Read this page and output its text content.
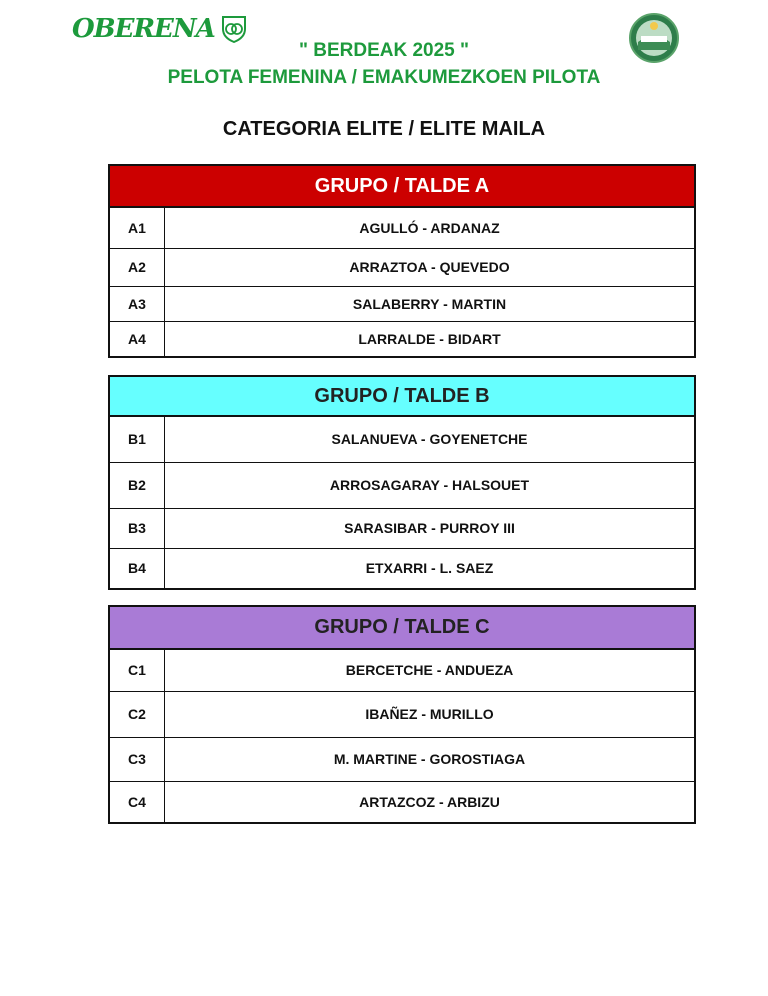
OBERENA
" BERDEAK 2025 "
PELOTA FEMENINA / EMAKUMEZKOEN PILOTA
CATEGORIA ELITE / ELITE MAILA
GRUPO / TALDE A	
A1	AGULLÓ - ARDANAZ
A2	ARRAZTOA - QUEVEDO
A3	SALABERRY - MARTIN
A4	LARRALDE - BIDART
GRUPO / TALDE B	
B1	SALANUEVA - GOYENETCHE
B2	ARROSAGARAY - HALSOUET
B3	SARASIBAR - PURROY III
B4	ETXARRI - L. SAEZ
GRUPO / TALDE C	
C1	BERCETCHE - ANDUEZA
C2	IBAÑEZ - MURILLO
C3	M. MARTINE - GOROSTIAGA
C4	ARTAZCOZ - ARBIZU
